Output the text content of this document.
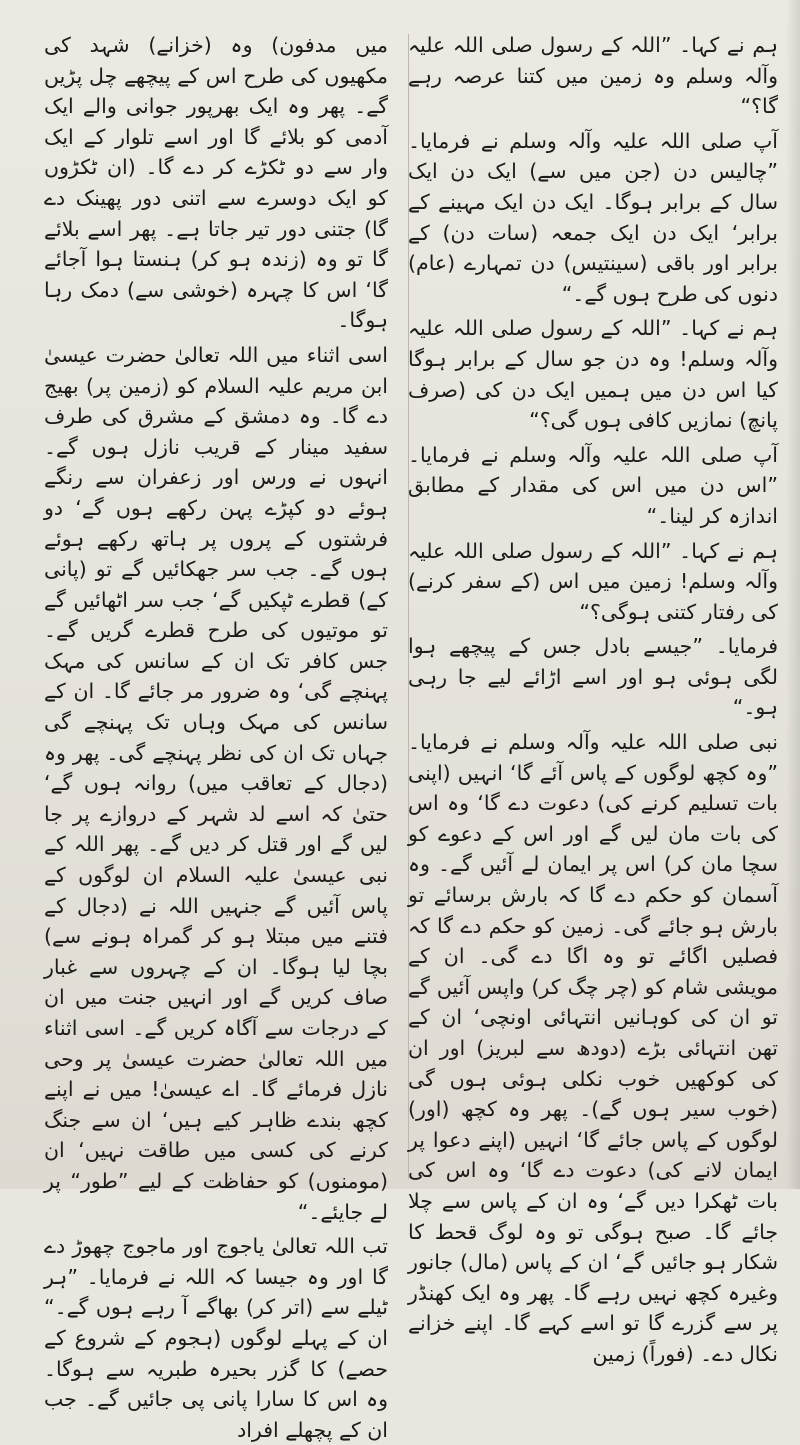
ہم نے کہا۔ ”اللہ کے رسول صلی اللہ علیہ وآلہ وسلم وہ زمین میں کتنا عرصہ رہے گا؟“

آپ صلی اللہ علیہ وآلہ وسلم نے فرمایا۔ ”چالیس دن (جن میں سے) ایک دن ایک سال کے برابر ہوگا۔ ایک دن ایک مہینے کے برابر‘ ایک دن ایک جمعہ (سات دن) کے برابر اور باقی (سینتیس) دن تمہارے (عام) دنوں کی طرح ہوں گے۔“

ہم نے کہا۔ ”اللہ کے رسول صلی اللہ علیہ وآلہ وسلم! وہ دن جو سال کے برابر ہوگا کیا اس دن میں ہمیں ایک دن کی (صرف پانچ) نمازیں کافی ہوں گی؟“

آپ صلی اللہ علیہ وآلہ وسلم نے فرمایا۔ ”اس دن میں اس کی مقدار کے مطابق اندازہ کر لینا۔“

ہم نے کہا۔ ”اللہ کے رسول صلی اللہ علیہ وآلہ وسلم! زمین میں اس (کے سفر کرنے) کی رفتار کتنی ہوگی؟“

فرمایا۔ ”جیسے بادل جس کے پیچھے ہوا لگی ہوئی ہو اور اسے اڑائے لیے جا رہی ہو۔“

نبی صلی اللہ علیہ وآلہ وسلم نے فرمایا۔ ”وہ کچھ لوگوں کے پاس آئے گا‘ انہیں (اپنی بات تسلیم کرنے کی) دعوت دے گا‘ وہ اس کی بات مان لیں گے اور اس کے دعوے کو سچا مان کر) اس پر ایمان لے آئیں گے۔ وہ آسمان کو حکم دے گا کہ بارش برسائے تو بارش ہو جائے گی۔ زمین کو حکم دے گا کہ فصلیں اگائے تو وہ اگا دے گی۔ ان کے مویشی شام کو (چر چگ کر) واپس آئیں گے تو ان کی کوہانیں انتہائی اونچی‘ ان کے تھن انتہائی بڑے (دودھ سے لبریز) اور ان کی کوکھیں خوب نکلی ہوئی ہوں گی (خوب سیر ہوں گے)۔ پھر وہ کچھ (اور) لوگوں کے پاس جائے گا‘ انہیں (اپنے دعوا پر ایمان لانے کی) دعوت دے گا‘ وہ اس کی بات ٹھکرا دیں گے‘ وہ ان کے پاس سے چلا جائے گا۔ صبح ہوگی تو وہ لوگ قحط کا شکار ہو جائیں گے‘ ان کے پاس (مال) جانور وغیرہ کچھ نہیں رہے گا۔ پھر وہ ایک کھنڈر پر سے گزرے گا تو اسے کہے گا۔ اپنے خزانے نکال دے۔ (فوراً) زمین

میں مدفون) وہ (خزانے) شہد کی مکھیوں کی طرح اس کے پیچھے چل پڑیں گے۔ پھر وہ ایک بھرپور جوانی والے ایک آدمی کو بلائے گا اور اسے تلوار کے ایک وار سے دو ٹکڑے کر دے گا۔ (ان ٹکڑوں کو ایک دوسرے سے اتنی دور پھینک دے گا) جتنی دور تیر جاتا ہے۔ پھر اسے بلائے گا تو وہ (زندہ ہو کر) ہنستا ہوا آجائے گا‘ اس کا چہرہ (خوشی سے) دمک رہا ہوگا۔

اسی اثناء میں اللہ تعالیٰ حضرت عیسیٰ ابن مریم علیہ السلام کو (زمین پر) بھیج دے گا۔ وہ دمشق کے مشرق کی طرف سفید مینار کے قریب نازل ہوں گے۔ انہوں نے ورس اور زعفران سے رنگے ہوئے دو کپڑے پہن رکھے ہوں گے‘ دو فرشتوں کے پروں پر ہاتھ رکھے ہوئے ہوں گے۔ جب سر جھکائیں گے تو (پانی کے) قطرے ٹپکیں گے‘ جب سر اٹھائیں گے تو موتیوں کی طرح قطرے گریں گے۔ جس کافر تک ان کے سانس کی مہک پہنچے گی‘ وہ ضرور مر جائے گا۔ ان کے سانس کی مہک وہاں تک پہنچے گی جہاں تک ان کی نظر پہنچے گی۔ پھر وہ (دجال کے تعاقب میں) روانہ ہوں گے‘ حتیٰ کہ اسے لد شہر کے دروازے پر جا لیں گے اور قتل کر دیں گے۔ پھر اللہ کے نبی عیسیٰ علیہ السلام ان لوگوں کے پاس آئیں گے جنہیں اللہ نے (دجال کے فتنے میں مبتلا ہو کر گمراہ ہونے سے) بچا لیا ہوگا۔ ان کے چہروں سے غبار صاف کریں گے اور انہیں جنت میں ان کے درجات سے آگاہ کریں گے۔ اسی اثناء میں اللہ تعالیٰ حضرت عیسیٰ پر وحی نازل فرمائے گا۔ اے عیسیٰ! میں نے اپنے کچھ بندے ظاہر کیے ہیں‘ ان سے جنگ کرنے کی کسی میں طاقت نہیں‘ ان (مومنوں) کو حفاظت کے لیے ”طور“ پر لے جایئے۔“

تب اللہ تعالیٰ یاجوج اور ماجوج چھوڑ دے گا اور وہ جیسا کہ اللہ نے فرمایا۔ ”ہر ٹیلے سے (اتر کر) بھاگے آ رہے ہوں گے۔“ ان کے پہلے لوگوں (ہجوم کے شروع کے حصے) کا گزر بحیرہ طبریہ سے ہوگا۔ وہ اس کا سارا پانی پی جائیں گے۔ جب ان کے پچھلے افراد
